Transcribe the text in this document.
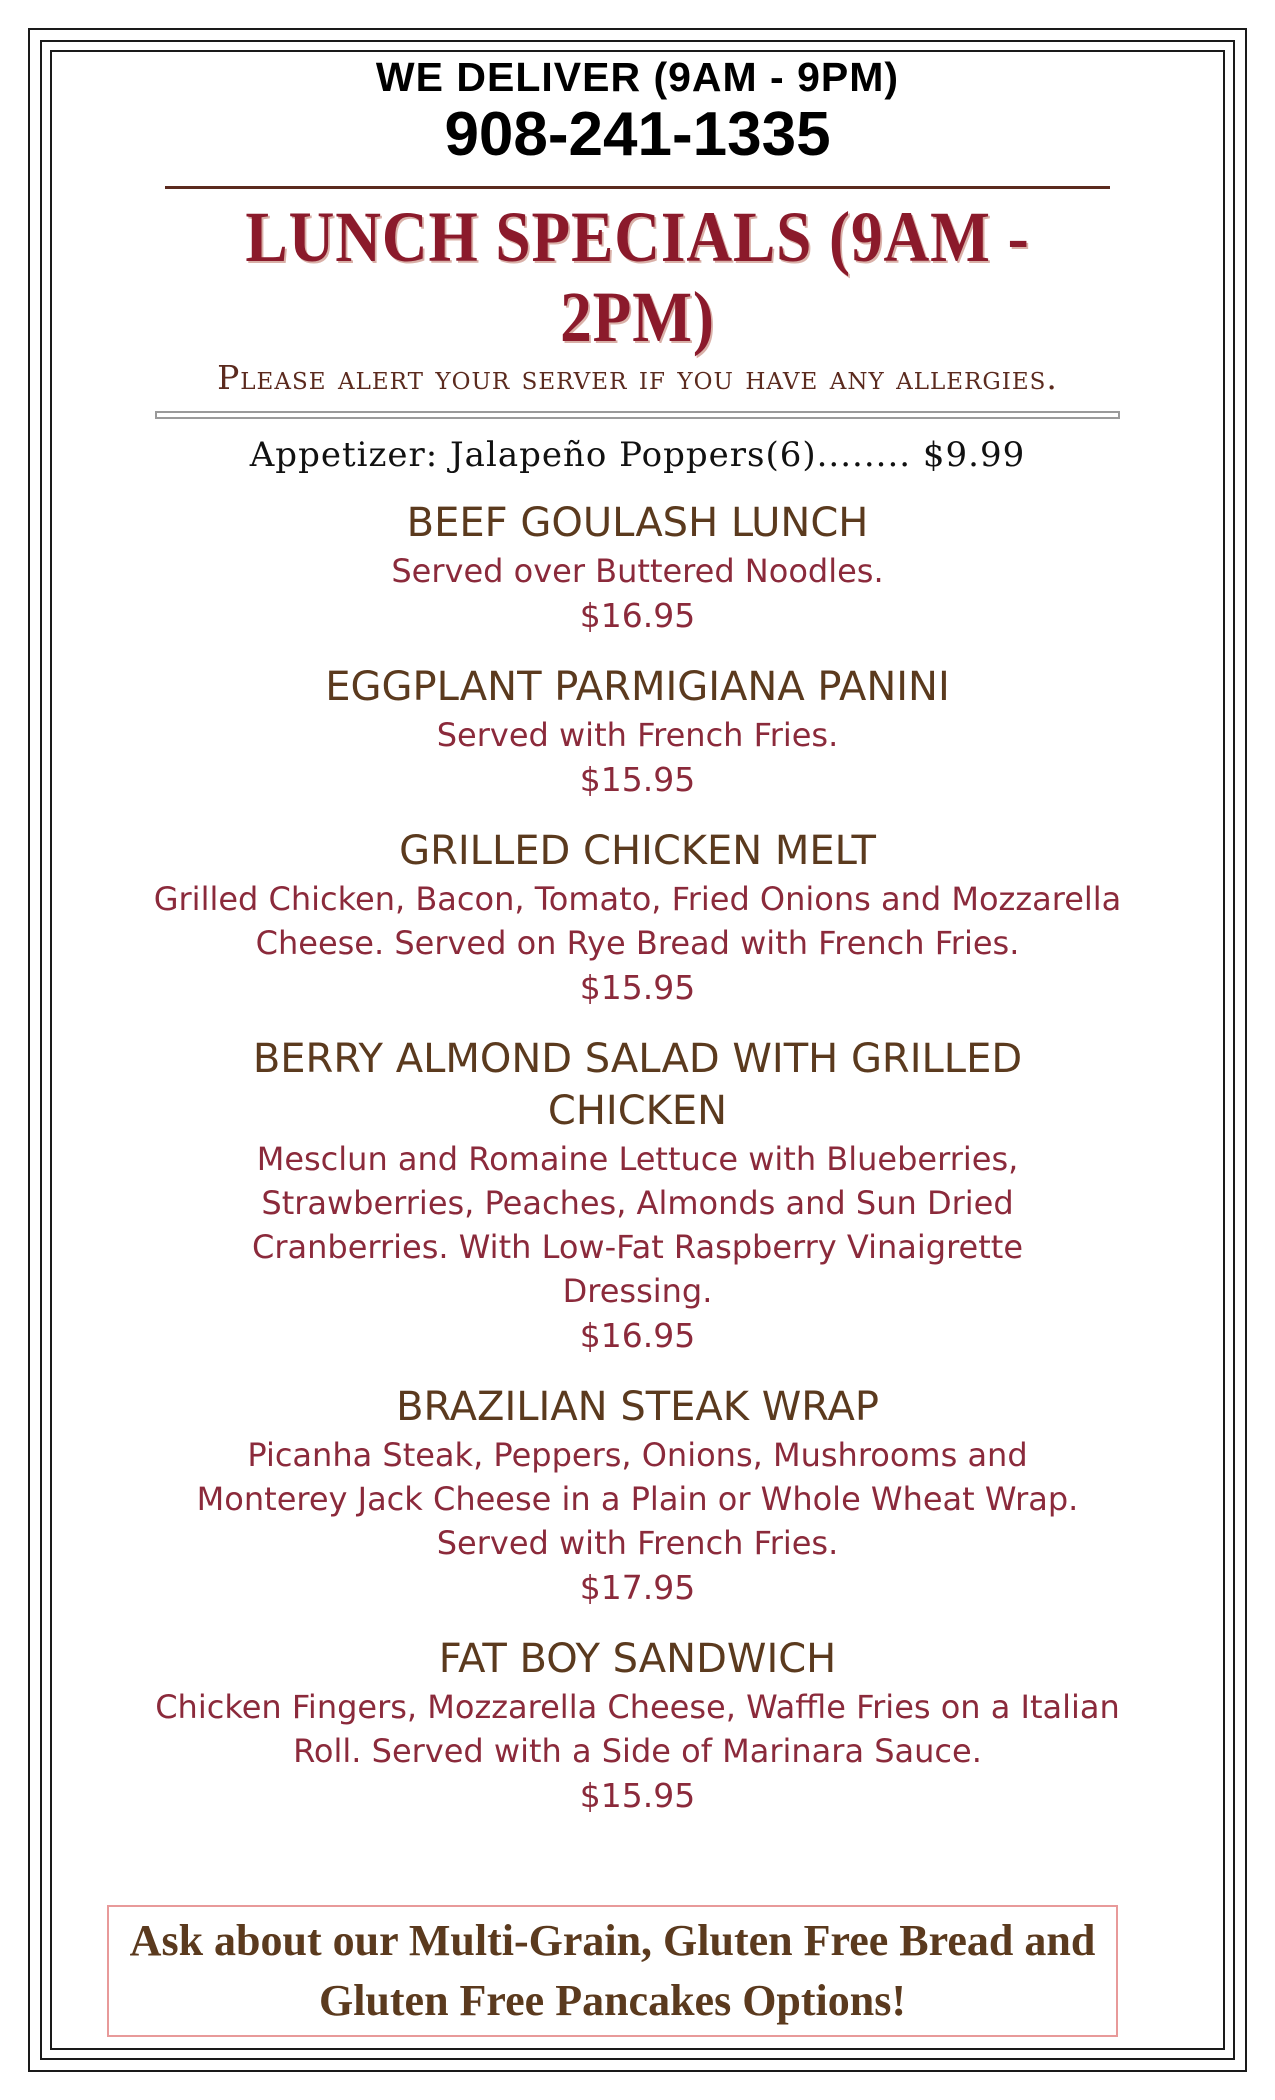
WE DELIVER (9AM - 9PM)
908-241-1335
LUNCH SPECIALS (9AM - 2PM)
Please alert your server if you have any allergies.
Appetizer: Jalapeño Poppers(6)........ $9.99
BEEF GOULASH LUNCH
Served over Buttered Noodles.
$16.95
EGGPLANT PARMIGIANA PANINI
Served with French Fries.
$15.95
GRILLED CHICKEN MELT
Grilled Chicken, Bacon, Tomato, Fried Onions and Mozzarella Cheese. Served on Rye Bread with French Fries.
$15.95
BERRY ALMOND SALAD WITH GRILLED CHICKEN
Mesclun and Romaine Lettuce with Blueberries, Strawberries, Peaches, Almonds and Sun Dried Cranberries. With Low-Fat Raspberry Vinaigrette Dressing.
$16.95
BRAZILIAN STEAK WRAP
Picanha Steak, Peppers, Onions, Mushrooms and Monterey Jack Cheese in a Plain or Whole Wheat Wrap. Served with French Fries.
$17.95
FAT BOY SANDWICH
Chicken Fingers, Mozzarella Cheese, Waffle Fries on a Italian Roll. Served with a Side of Marinara Sauce.
$15.95
Ask about our Multi-Grain, Gluten Free Bread and
Gluten Free Pancakes Options!
